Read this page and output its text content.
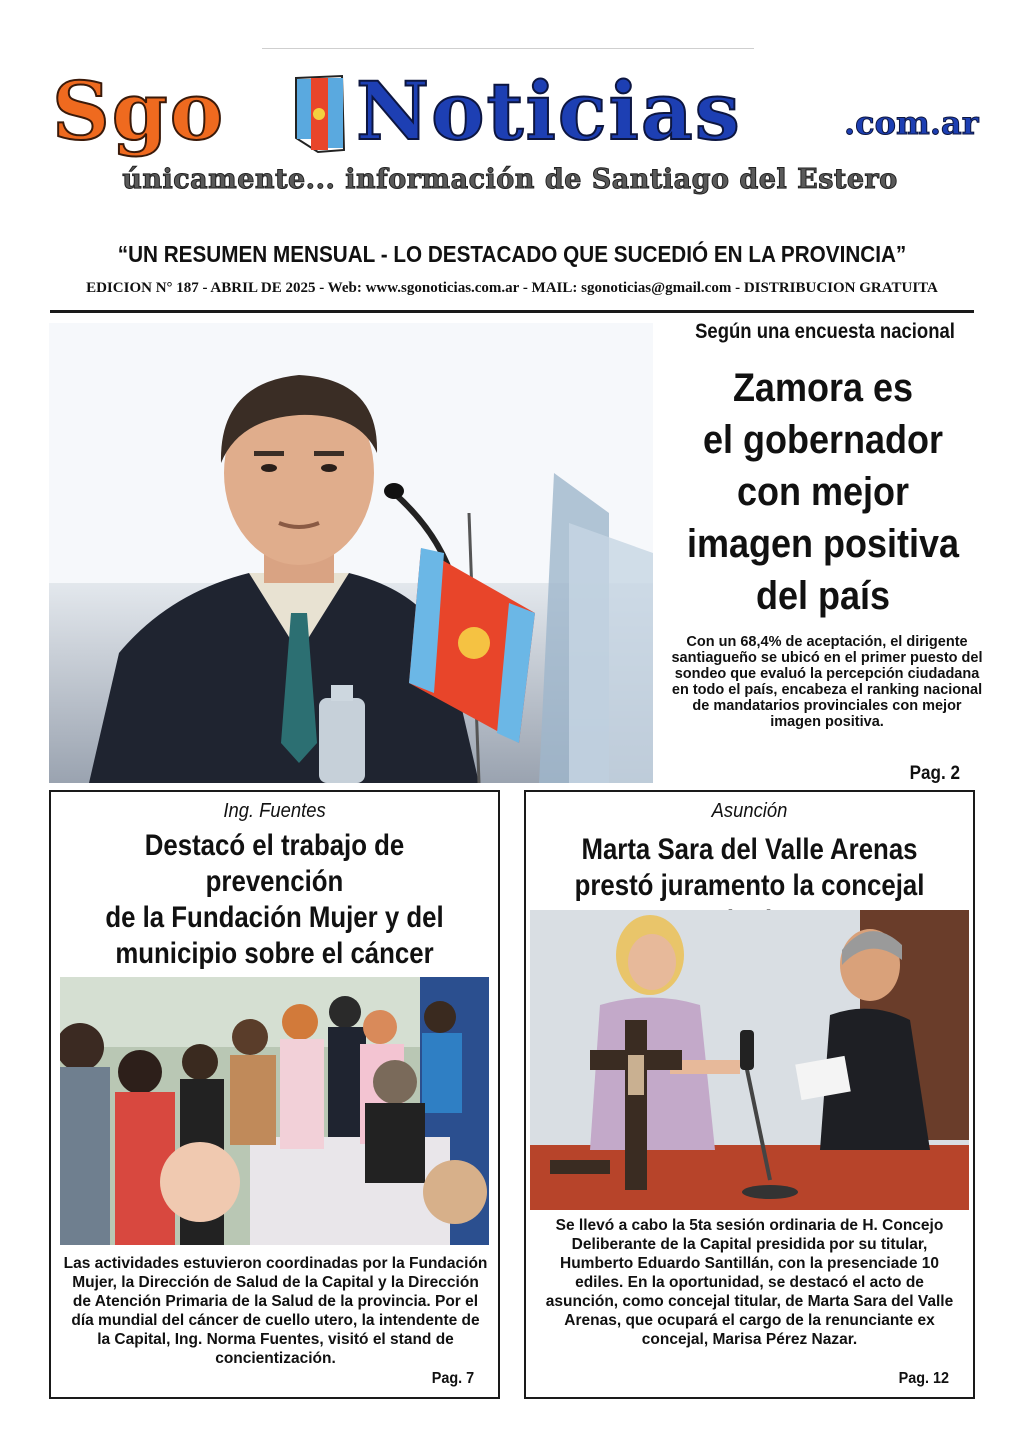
Sgo Noticias	.com.ar
únicamente... información de Santiago del Estero
“UN RESUMEN MENSUAL - LO DESTACADO QUE SUCEDIÓ EN LA PROVINCIA”
EDICION N° 187 - ABRIL DE 2025 - Web: www.sgonoticias.com.ar - MAIL: sgonoticias@gmail.com - DISTRIBUCION GRATUITA
Según una encuesta nacional
Zamora es
el gobernador
con mejor
imagen positiva
del país
Con un 68,4% de aceptación, el dirigente santiagueño se ubicó en el primer puesto del sondeo que evaluó la percepción ciudadana en todo el país, encabeza el ranking nacional de mandatarios provinciales con mejor imagen positiva.
Pag. 2
Ing. Fuentes
Destacó el trabajo de prevención
de la Fundación Mujer y del
municipio sobre el cáncer
Las actividades estuvieron coordinadas por la Fundación Mujer, la Dirección de Salud de la Capital y la Dirección de Atención Primaria de la Salud de la provincia. Por el día mundial del cáncer de cuello utero, la intendente de la Capital, Ing. Norma Fuentes, visitó el stand de concientización.
Pag. 7
Asunción
Marta Sara del Valle Arenas
prestó juramento la concejal
Se llevó a cabo la 5ta sesión ordinaria de H. Concejo Deliberante de la Capital presidida por su titular, Humberto Eduardo Santillán, con la presenciade 10 ediles. En la oportunidad, se destacó el acto de asunción, como concejal titular, de Marta Sara del Valle Arenas, que ocupará el cargo de la renunciante ex concejal, Marisa Pérez Nazar.
Pag. 12
